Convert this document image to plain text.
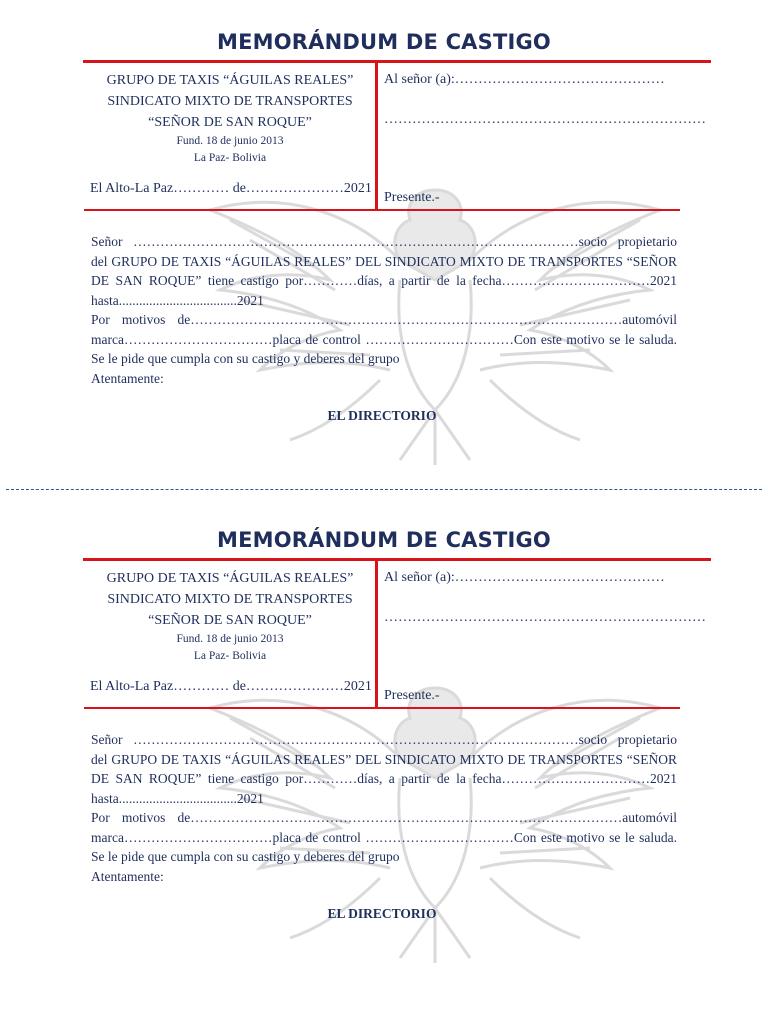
MEMORÁNDUM DE CASTIGO
GRUPO DE TAXIS “ÁGUILAS REALES”
SINDICATO MIXTO DE TRANSPORTES
“SEÑOR DE SAN ROQUE”
Fund. 18 de junio 2013
La Paz- Bolivia
El Alto-La Paz………… de…………………2021
Al señor (a):………………………………………
……………………………………………………………
Presente.-

Señor ………………………………………………………………………………………socio propietario del GRUPO DE TAXIS “ÁGUILAS REALES” DEL SINDICATO MIXTO DE TRANSPORTES “SEÑOR DE SAN ROQUE” tiene castigo por…………días, a partir de la fecha……………………………2021 hasta...................................2021

Por motivos de……………………………………………………………………………………automóvil marca……………………………placa de control ……………………………Con este motivo se le saluda.

Se le pide que cumpla con su castigo y deberes del grupo

Atentamente:

EL DIRECTORIO
MEMORÁNDUM DE CASTIGO
GRUPO DE TAXIS “ÁGUILAS REALES”
SINDICATO MIXTO DE TRANSPORTES
“SEÑOR DE SAN ROQUE”
Fund. 18 de junio 2013
La Paz- Bolivia
El Alto-La Paz………… de…………………2021
Al señor (a):………………………………………
……………………………………………………………
Presente.-

Señor ………………………………………………………………………………………socio propietario del GRUPO DE TAXIS “ÁGUILAS REALES” DEL SINDICATO MIXTO DE TRANSPORTES “SEÑOR DE SAN ROQUE” tiene castigo por…………días, a partir de la fecha……………………………2021 hasta...................................2021

Por motivos de……………………………………………………………………………………automóvil marca……………………………placa de control ……………………………Con este motivo se le saluda.

Se le pide que cumpla con su castigo y deberes del grupo

Atentamente:

EL DIRECTORIO
